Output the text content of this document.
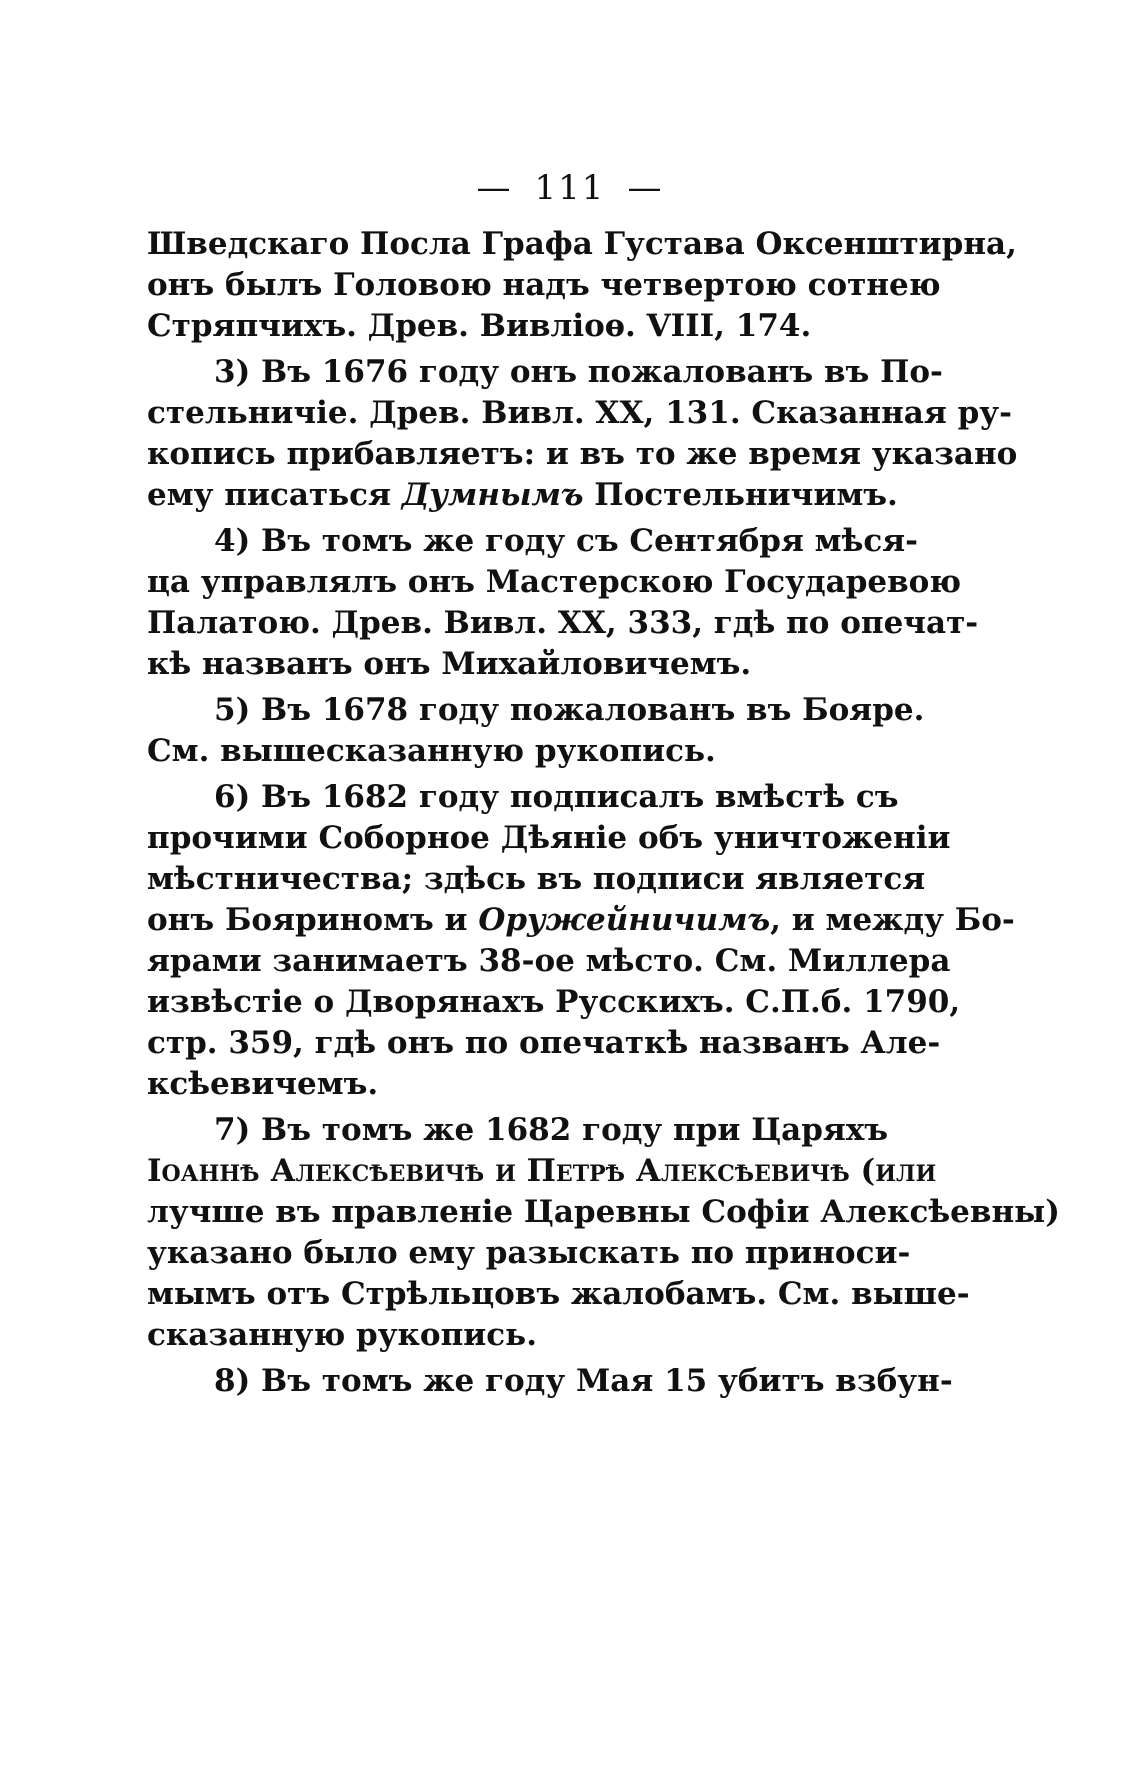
— 111 —
Шведскаго Посла Графа Густава Оксенштирна,
онъ былъ Головою надъ четвертою сотнею
Стряпчихъ. Древ. Вивліоѳ. VIII, 174.
3) Въ 1676 году онъ пожалованъ въ По-
стельничіе. Древ. Вивл. XX, 131. Сказанная ру-
копись прибавляетъ: и въ то же время указано
ему писаться Думнымъ Постельничимъ.
4) Въ томъ же году съ Сентября мѣся-
ца управлялъ онъ Мастерскою Государевою
Палатою. Древ. Вивл. XX, 333, гдѣ по опечат-
кѣ названъ онъ Михайловичемъ.
5) Въ 1678 году пожалованъ въ Бояре.
См. вышесказанную рукопись.
6) Въ 1682 году подписалъ вмѣстѣ съ
прочими Соборное Дѣяніе объ уничтоженіи
мѣстничества; здѣсь въ подписи является
онъ Бояриномъ и Оружейничимъ, и между Бо-
ярами занимаетъ 38-ое мѣсто. См. Миллера
извѣстіе о Дворянахъ Русскихъ. С.П.б. 1790,
стр. 359, гдѣ онъ по опечаткѣ названъ Але-
ксѣевичемъ.
7) Въ томъ же 1682 году при Царяхъ
Іоаннѣ Алексѣевичѣ и Петрѣ Алексѣевичѣ (или
лучше въ правленіе Царевны Софіи Алексѣевны)
указано было ему разыскать по приноси-
мымъ отъ Стрѣльцовъ жалобамъ. См. выше-
сказанную рукопись.
8) Въ томъ же году Мая 15 убитъ взбун-
